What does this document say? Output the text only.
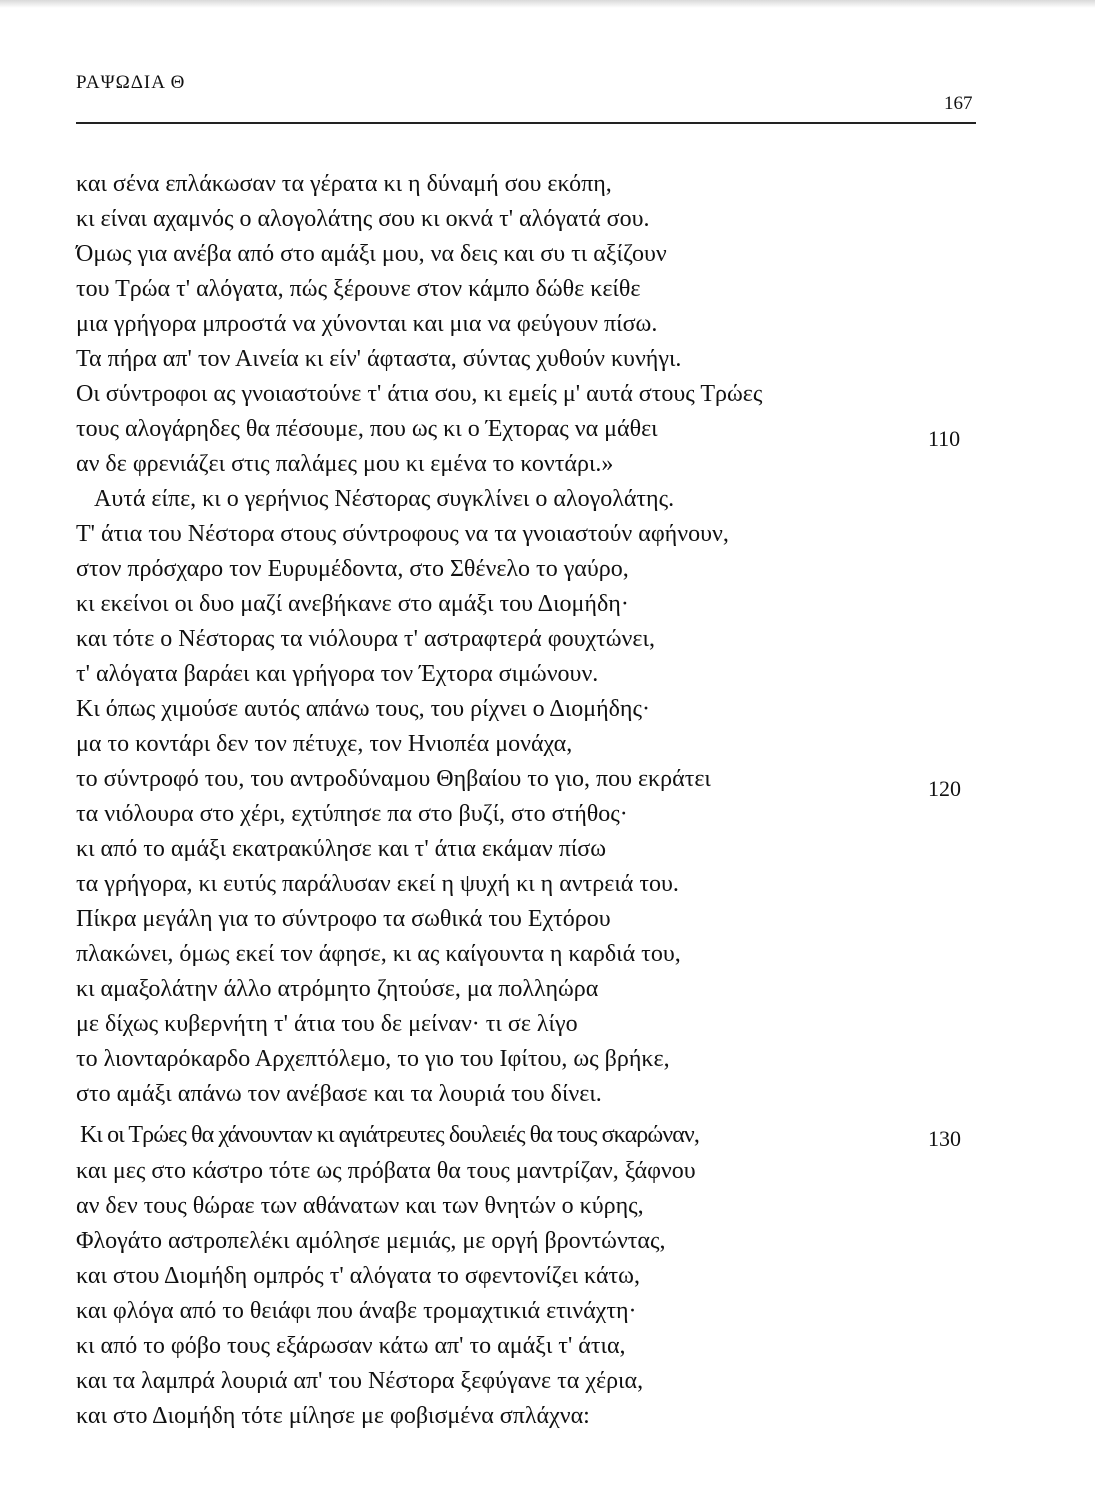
ΡΑΨΩΔΙΑ Θ
167
και σένα επλάκωσαν τα γέρατα κι η δύναμή σου εκόπη,
κι είναι αχαμνός ο αλογολάτης σου κι οκνά τ' αλόγατά σου.
Όμως για ανέβα από στο αμάξι μου, να δεις και συ τι αξίζουν
του Τρώα τ' αλόγατα, πώς ξέρουνε στον κάμπο δώθε κείθε
μια γρήγορα μπροστά να χύνονται και μια να φεύγουν πίσω.
Τα πήρα απ' τον Αινεία κι είν' άφταστα, σύντας χυθούν κυνήγι.
Οι σύντροφοι ας γνοιαστούνε τ' άτια σου, κι εμείς μ' αυτά στους Τρώες
τους αλογάρηδες θα πέσουμε, που ως κι ο Έχτορας να μάθει	110
αν δε φρενιάζει στις παλάμες μου κι εμένα το κοντάρι.»
Αυτά είπε, κι ο γερήνιος Νέστορας συγκλίνει ο αλογολάτης.
Τ' άτια του Νέστορα στους σύντροφους να τα γνοιαστούν αφήνουν,
στον πρόσχαρο τον Ευρυμέδοντα, στο Σθένελο το γαύρο,
κι εκείνοι οι δυο μαζί ανεβήκανε στο αμάξι του Διομήδη·
και τότε ο Νέστορας τα νιόλουρα τ' αστραφτερά φουχτώνει,
τ' αλόγατα βαράει και γρήγορα τον Έχτορα σιμώνουν.
Κι όπως χιμούσε αυτός απάνω τους, του ρίχνει ο Διομήδης·
μα το κοντάρι δεν τον πέτυχε, τον Ηνιοπέα μονάχα,
το σύντροφό του, του αντροδύναμου Θηβαίου το γιο, που εκράτει	120
τα νιόλουρα στο χέρι, εχτύπησε πα στο βυζί, στο στήθος·
κι από το αμάξι εκατρακύλησε και τ' άτια εκάμαν πίσω
τα γρήγορα, κι ευτύς παράλυσαν εκεί η ψυχή κι η αντρειά του.
Πίκρα μεγάλη για το σύντροφο τα σωθικά του Εχτόρου
πλακώνει, όμως εκεί τον άφησε, κι ας καίγουντα η καρδιά του,
κι αμαξολάτην άλλο ατρόμητο ζητούσε, μα πολληώρα
με δίχως κυβερνήτη τ' άτια του δε μείναν· τι σε λίγο
το λιονταρόκαρδο Αρχεπτόλεμο, το γιο του Ιφίτου, ως βρήκε,
στο αμάξι απάνω τον ανέβασε και τα λουριά του δίνει.
Κι οι Τρώες θα χάνουνταν κι αγιάτρευτες δουλειές θα τους σκαρώναν,	130
και μες στο κάστρο τότε ως πρόβατα θα τους μαντρίζαν, ξάφνου
αν δεν τους θώραε των αθάνατων και των θνητών ο κύρης,
Φλογάτο αστροπελέκι αμόλησε μεμιάς, με οργή βροντώντας,
και στου Διομήδη ομπρός τ' αλόγατα το σφεντονίζει κάτω,
και φλόγα από το θειάφι που άναβε τρομαχτικιά ετινάχτη·
κι από το φόβο τους εξάρωσαν κάτω απ' το αμάξι τ' άτια,
και τα λαμπρά λουριά απ' του Νέστορα ξεφύγανε τα χέρια,
και στο Διομήδη τότε μίλησε με φοβισμένα σπλάχνα:
